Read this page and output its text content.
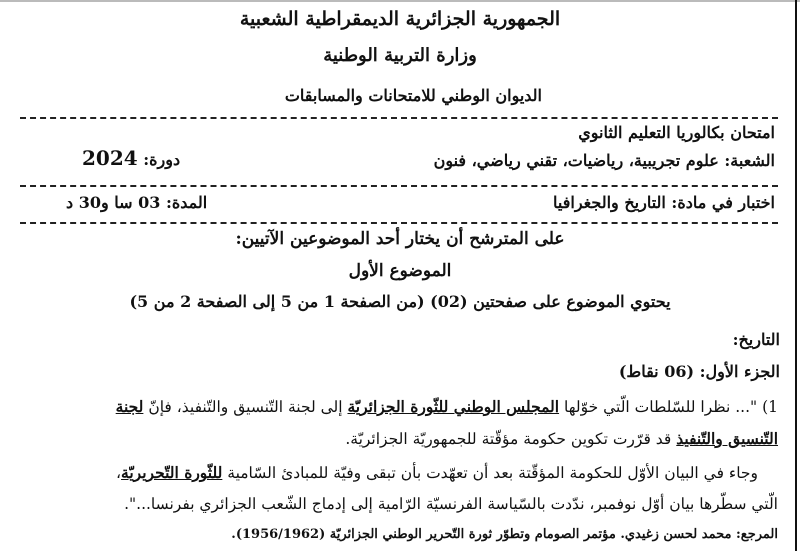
الجمهورية الجزائرية الديمقراطية الشعبية
وزارة التربية الوطنية
الديوان الوطني للامتحانات والمسابقات
امتحان بكالوريا التعليم الثانوي
دورة: 2024	الشعبة: علوم تجريبية، رياضيات، تقني رياضي، فنون
اختبار في مادة: التاريخ والجغرافيا
المدة: 03 سا و30 د
على المترشح أن يختار أحد الموضوعين الآتيين:
الموضوع الأول
يحتوي الموضوع على صفحتين (02) (من الصفحة 1 من 5 إلى الصفحة 2 من 5)
التاريخ:
الجزء الأول: (06 نقاط)
1) "... نظرا للسّلطات الّتي خوّلها المجلس الوطني للثّورة الجزائريّة إلى لجنة التّنسيق والتّنفيذ، فإنّ لجنة
التّنسيق والتّنفيذ قد قرّرت تكوين حكومة مؤقّتة للجمهوريّة الجزائريّة.
وجاء في البيان الأوّل للحكومة المؤقّتة بعد أن تعهّدت بأن تبقى وفيّة للمبادئ السّامية للثّورة التّحريريّة،
الّتي سطّرها بيان أوّل نوفمبر، ندّدت بالسّياسة الفرنسيّة الرّامية إلى إدماج الشّعب الجزائري بفرنسا...".
المرجع: محمد لحسن زغيدي. مؤتمر الصومام وتطوّر ثورة التّحرير الوطني الجزائريّة (1956/1962).
